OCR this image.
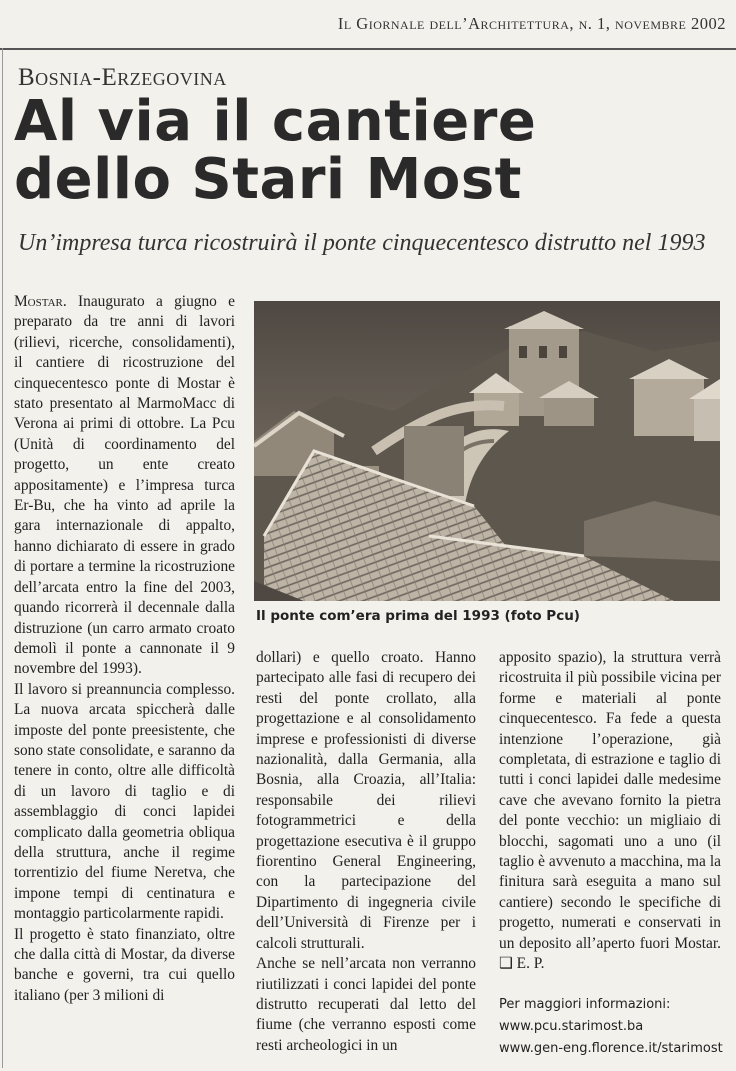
Il Giornale dell’Architettura, n. 1, novembre 2002
Bosnia-Erzegovina
Al via il cantiere
dello Stari Most
Un’impresa turca ricostruirà il ponte cinquecentesco distrutto nel 1993

Mostar. Inaugurato a giugno e preparato da tre anni di lavori (rilievi, ricerche, consolidamenti), il cantiere di ricostruzione del cinquecentesco ponte di Mostar è stato presentato al MarmoMacc di Verona ai primi di ottobre. La Pcu (Unità di coordinamento del progetto, un ente creato appositamente) e l’impresa turca Er-Bu, che ha vinto ad aprile la gara internazionale di appalto, hanno dichiarato di essere in grado di portare a termine la ricostruzione dell’arcata entro la fine del 2003, quando ricorrerà il decennale dalla distruzione (un carro armato croato demolì il ponte a cannonate il 9 novembre del 1993).

Il lavoro si preannuncia complesso. La nuova arcata spiccherà dalle imposte del ponte preesistente, che sono state consolidate, e saranno da tenere in conto, oltre alle difficoltà di un lavoro di taglio e di assemblaggio di conci lapidei complicato dalla geometria obliqua della struttura, anche il regime torrentizio del fiume Neretva, che impone tempi di centinatura e montaggio particolarmente rapidi.

Il progetto è stato finanziato, oltre che dalla città di Mostar, da diverse banche e governi, tra cui quello italiano (per 3 milioni di

Il ponte com’era prima del 1993 (foto Pcu)

dollari) e quello croato. Hanno partecipato alle fasi di recupero dei resti del ponte crollato, alla progettazione e al consolidamento imprese e professionisti di diverse nazionalità, dalla Germania, alla Bosnia, alla Croazia, all’Italia: responsabile dei rilievi fotogrammetrici e della progettazione esecutiva è il gruppo fiorentino General Engineering, con la partecipazione del Dipartimento di ingegneria civile dell’Università di Firenze per i calcoli strutturali.

Anche se nell’arcata non verranno riutilizzati i conci lapidei del ponte distrutto recuperati dal letto del fiume (che verranno esposti come resti archeologici in un

apposito spazio), la struttura verrà ricostruita il più possibile vicina per forme e materiali al ponte cinquecentesco. Fa fede a questa intenzione l’operazione, già completata, di estrazione e taglio di tutti i conci lapidei dalle medesime cave che avevano fornito la pietra del ponte vecchio: un migliaio di blocchi, sagomati uno a uno (il taglio è avvenuto a macchina, ma la finitura sarà eseguita a mano sul cantiere) secondo le specifiche di progetto, numerati e conservati in un deposito all’aperto fuori Mostar. ❑ E. P.

Per maggiori informazioni:
www.pcu.starimost.ba
www.gen-eng.florence.it/starimost
